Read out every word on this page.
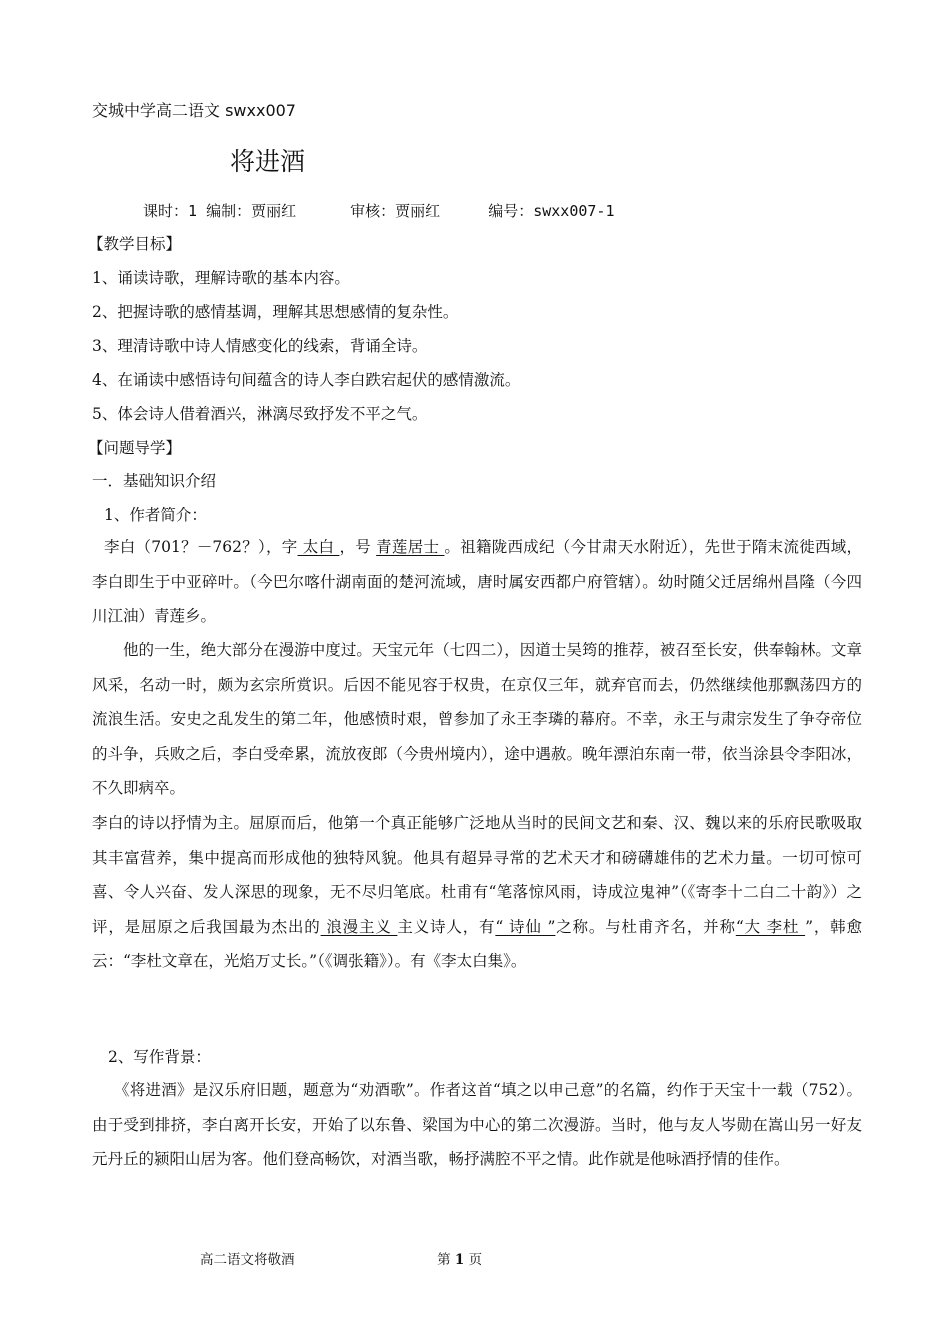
交城中学高二语文 swxx007
将进酒
课时：1 编制：贾丽红	审核：贾丽红	编号：swxx007-1
【教学目标】
1、诵读诗歌，理解诗歌的基本内容。
2、把握诗歌的感情基调，理解其思想感情的复杂性。
3、理清诗歌中诗人情感变化的线索，背诵全诗。
4、在诵读中感悟诗句间蕴含的诗人李白跌宕起伏的感情激流。
5、体会诗人借着酒兴，淋漓尽致抒发不平之气。
【问题导学】
一．基础知识介绍
1、作者简介：
李白（701？－762？），字 太白 ，号 青莲居士 。祖籍陇西成纪（今甘肃天水附近），先世于隋末流徙西域，李白即生于中亚碎叶。（今巴尔喀什湖南面的楚河流域，唐时属安西都户府管辖）。幼时随父迁居绵州昌隆（今四川江油）青莲乡。
他的一生，绝大部分在漫游中度过。天宝元年（七四二），因道士吴筠的推荐，被召至长安，供奉翰林。文章风采，名动一时，颇为玄宗所赏识。后因不能见容于权贵，在京仅三年，就弃官而去，仍然继续他那飘荡四方的流浪生活。安史之乱发生的第二年，他感愤时艰，曾参加了永王李璘的幕府。不幸，永王与肃宗发生了争夺帝位的斗争，兵败之后，李白受牵累，流放夜郎（今贵州境内），途中遇赦。晚年漂泊东南一带，依当涂县令李阳冰，不久即病卒。
李白的诗以抒情为主。屈原而后，他第一个真正能够广泛地从当时的民间文艺和秦、汉、魏以来的乐府民歌吸取其丰富营养，集中提高而形成他的独特风貌。他具有超异寻常的艺术天才和磅礴雄伟的艺术力量。一切可惊可喜、令人兴奋、发人深思的现象，无不尽归笔底。杜甫有“笔落惊风雨，诗成泣鬼神”（《寄李十二白二十韵》）之评，是屈原之后我国最为杰出的 浪漫主义 主义诗人，有“ 诗仙 ”之称。与杜甫齐名，并称“大 李杜 ”，韩愈云：“李杜文章在，光焰万丈长。”（《调张籍》）。有《李太白集》。
2、写作背景：
《将进酒》是汉乐府旧题，题意为“劝酒歌”。作者这首“填之以申己意”的名篇，约作于天宝十一载（752）。由于受到排挤，李白离开长安，开始了以东鲁、梁国为中心的第二次漫游。当时，他与友人岑勋在嵩山另一好友元丹丘的颍阳山居为客。他们登高畅饮，对酒当歌，畅抒满腔不平之情。此作就是他咏酒抒情的佳作。
高二语文将敬酒	第 1 页
